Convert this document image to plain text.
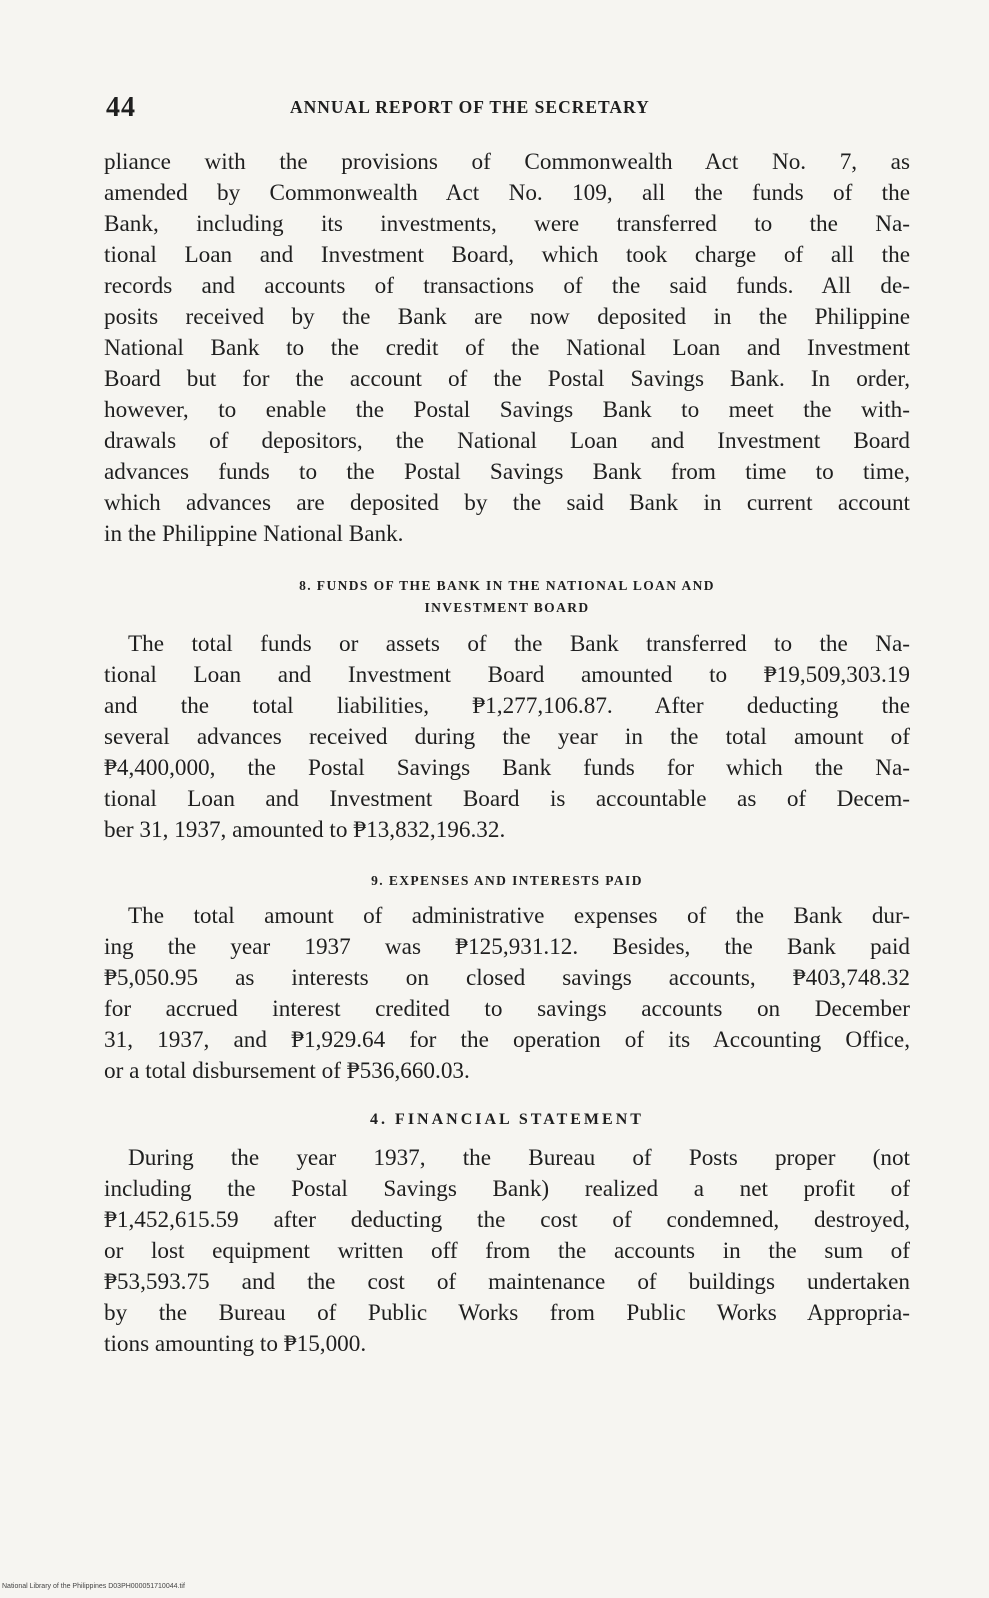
44	ANNUAL REPORT OF THE SECRETARY
pliance with the provisions of Commonwealth Act No. 7, as
amended by Commonwealth Act No. 109, all the funds of the
Bank, including its investments, were transferred to the Na-
tional Loan and Investment Board, which took charge of all the
records and accounts of transactions of the said funds. All de-
posits received by the Bank are now deposited in the Philippine
National Bank to the credit of the National Loan and Investment
Board but for the account of the Postal Savings Bank. In order,
however, to enable the Postal Savings Bank to meet the with-
drawals of depositors, the National Loan and Investment Board
advances funds to the Postal Savings Bank from time to time,
which advances are deposited by the said Bank in current account
in the Philippine National Bank.
8. FUNDS OF THE BANK IN THE NATIONAL LOAN AND
INVESTMENT BOARD
The total funds or assets of the Bank transferred to the Na-
tional Loan and Investment Board amounted to ₱19,509,303.19
and the total liabilities, ₱1,277,106.87. After deducting the
several advances received during the year in the total amount of
₱4,400,000, the Postal Savings Bank funds for which the Na-
tional Loan and Investment Board is accountable as of Decem-
ber 31, 1937, amounted to ₱13,832,196.32.
9. EXPENSES AND INTERESTS PAID
The total amount of administrative expenses of the Bank dur-
ing the year 1937 was ₱125,931.12. Besides, the Bank paid
₱5,050.95 as interests on closed savings accounts, ₱403,748.32
for accrued interest credited to savings accounts on December
31, 1937, and ₱1,929.64 for the operation of its Accounting Office,
or a total disbursement of ₱536,660.03.
4. FINANCIAL STATEMENT
During the year 1937, the Bureau of Posts proper (not
including the Postal Savings Bank) realized a net profit of
₱1,452,615.59 after deducting the cost of condemned, destroyed,
or lost equipment written off from the accounts in the sum of
₱53,593.75 and the cost of maintenance of buildings undertaken
by the Bureau of Public Works from Public Works Appropria-
tions amounting to ₱15,000.
National Library of the Philippines D03PH000051710044.tif
